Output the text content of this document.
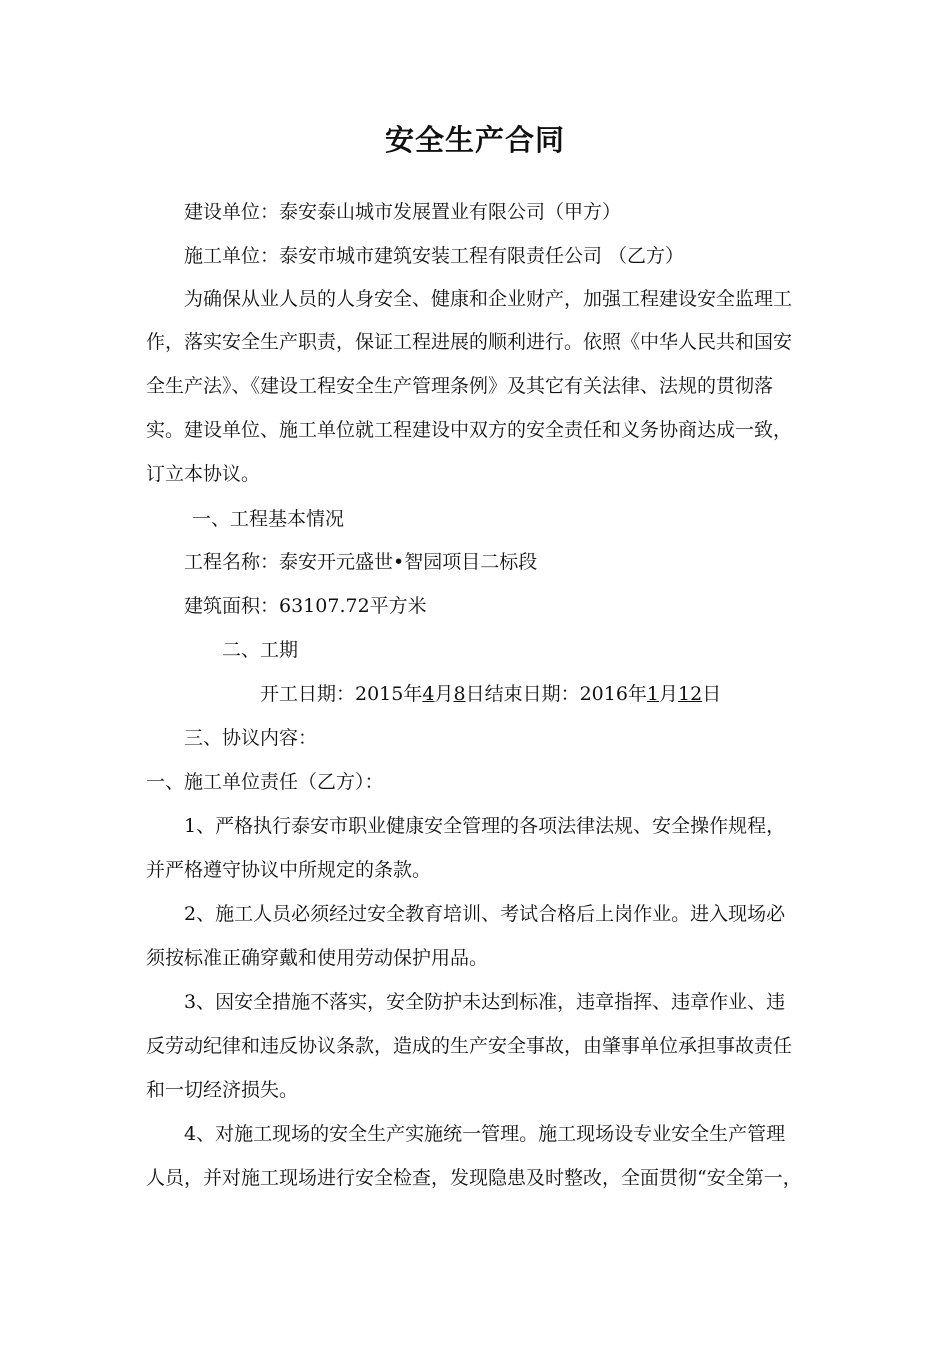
安全生产合同
建设单位：泰安泰山城市发展置业有限公司（甲方）
施工单位：泰安市城市建筑安装工程有限责任公司 （乙方）
为确保从业人员的人身安全、健康和企业财产，加强工程建设安全监理工
作，落实安全生产职责，保证工程进展的顺利进行。依照《中华人民共和国安
全生产法》、《建设工程安全生产管理条例》及其它有关法律、法规的贯彻落
实。建设单位、施工单位就工程建设中双方的安全责任和义务协商达成一致，
订立本协议。
一、工程基本情况
工程名称：泰安开元盛世•智园项目二标段
建筑面积：63107.72平方米
二、工期
开工日期：2015年4月8日结束日期：2016年1月12日
三、协议内容：
一、施工单位责任（乙方）：
1、严格执行泰安市职业健康安全管理的各项法律法规、安全操作规程，
并严格遵守协议中所规定的条款。
2、施工人员必须经过安全教育培训、考试合格后上岗作业。进入现场必
须按标准正确穿戴和使用劳动保护用品。
3、因安全措施不落实，安全防护未达到标准，违章指挥、违章作业、违
反劳动纪律和违反协议条款，造成的生产安全事故，由肇事单位承担事故责任
和一切经济损失。
4、对施工现场的安全生产实施统一管理。施工现场设专业安全生产管理
人员，并对施工现场进行安全检查，发现隐患及时整改，全面贯彻“安全第一，
